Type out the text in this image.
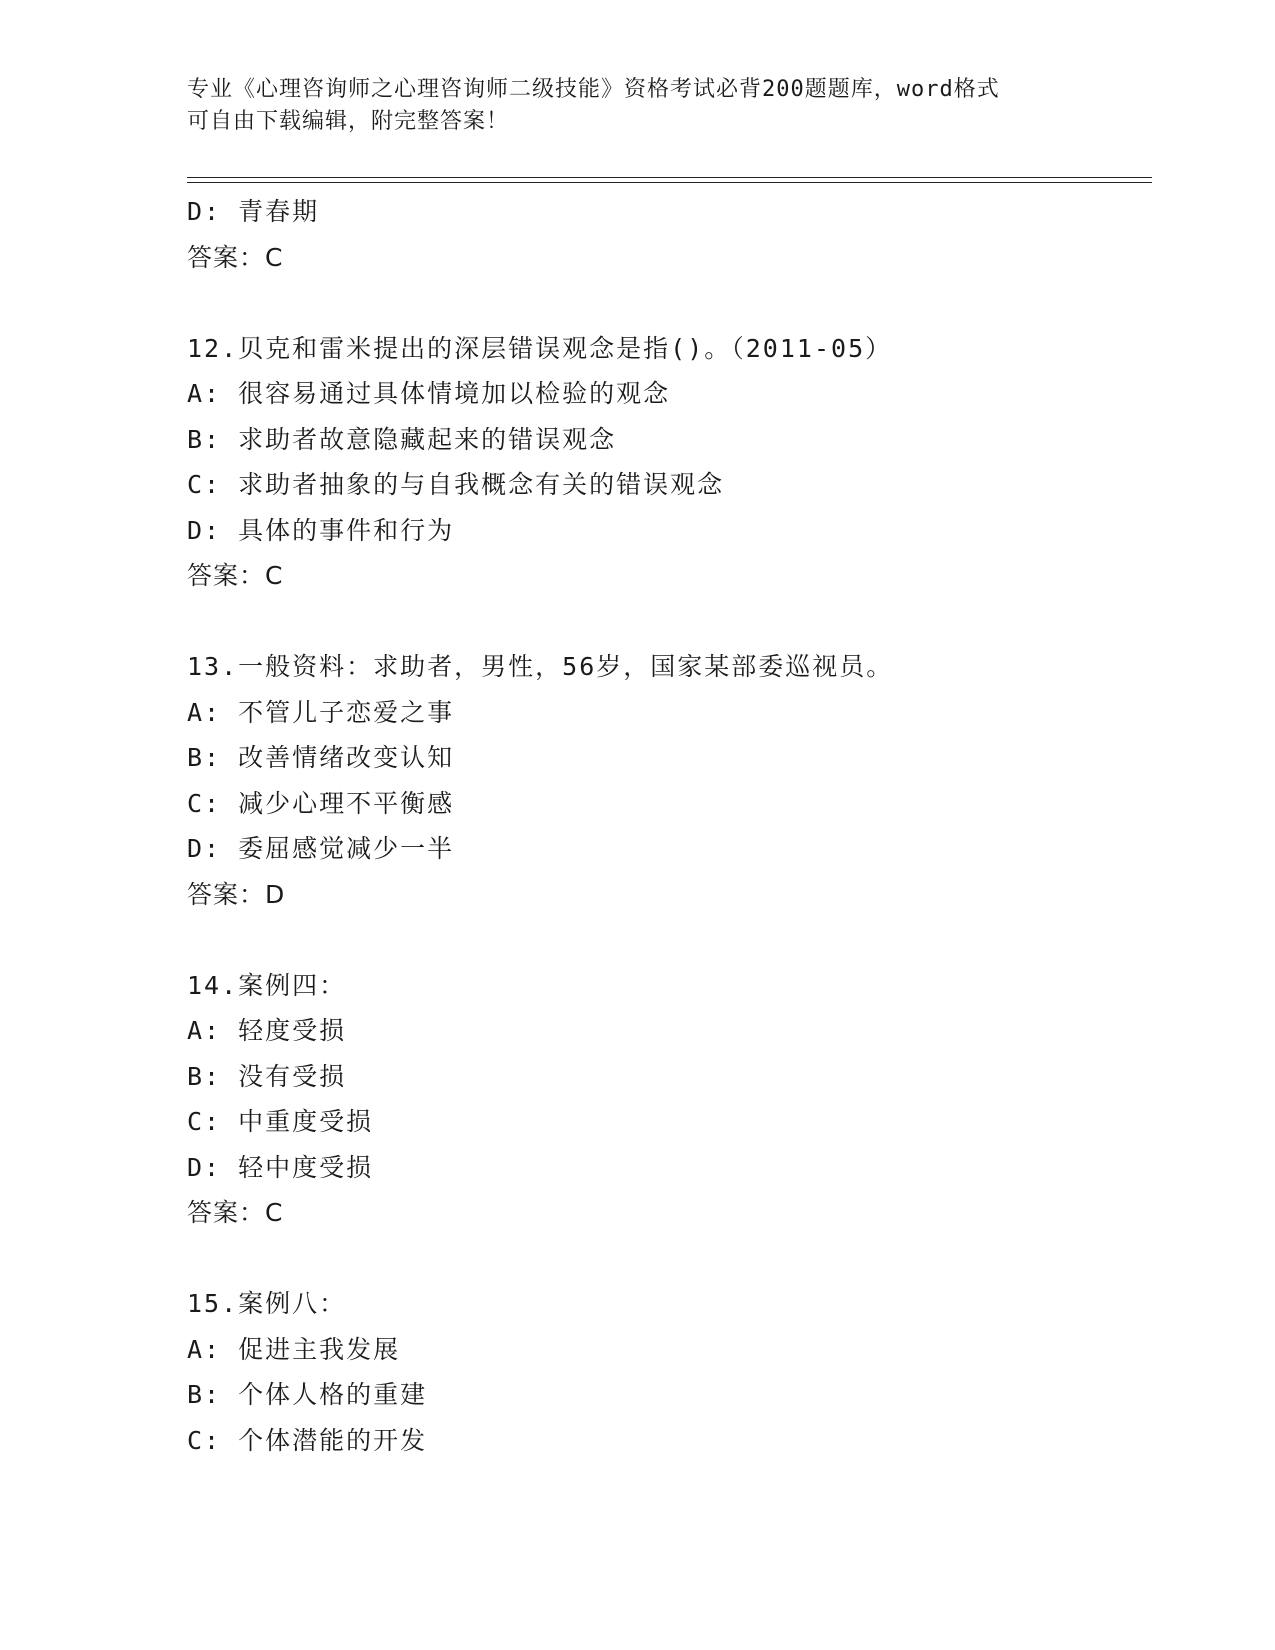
专业《心理咨询师之心理咨询师二级技能》资格考试必背200题题库，word格式
可自由下载编辑，附完整答案！
D: 青春期
答案：C
12.贝克和雷米提出的深层错误观念是指()。（2011-05）
A: 很容易通过具体情境加以检验的观念
B: 求助者故意隐藏起来的错误观念
C: 求助者抽象的与自我概念有关的错误观念
D: 具体的事件和行为
答案：C
13.一般资料：求助者，男性，56岁，国家某部委巡视员。
A: 不管儿子恋爱之事
B: 改善情绪改变认知
C: 减少心理不平衡感
D: 委屈感觉减少一半
答案：D
14.案例四：
A: 轻度受损
B: 没有受损
C: 中重度受损
D: 轻中度受损
答案：C
15.案例八：
A: 促进主我发展
B: 个体人格的重建
C: 个体潜能的开发
